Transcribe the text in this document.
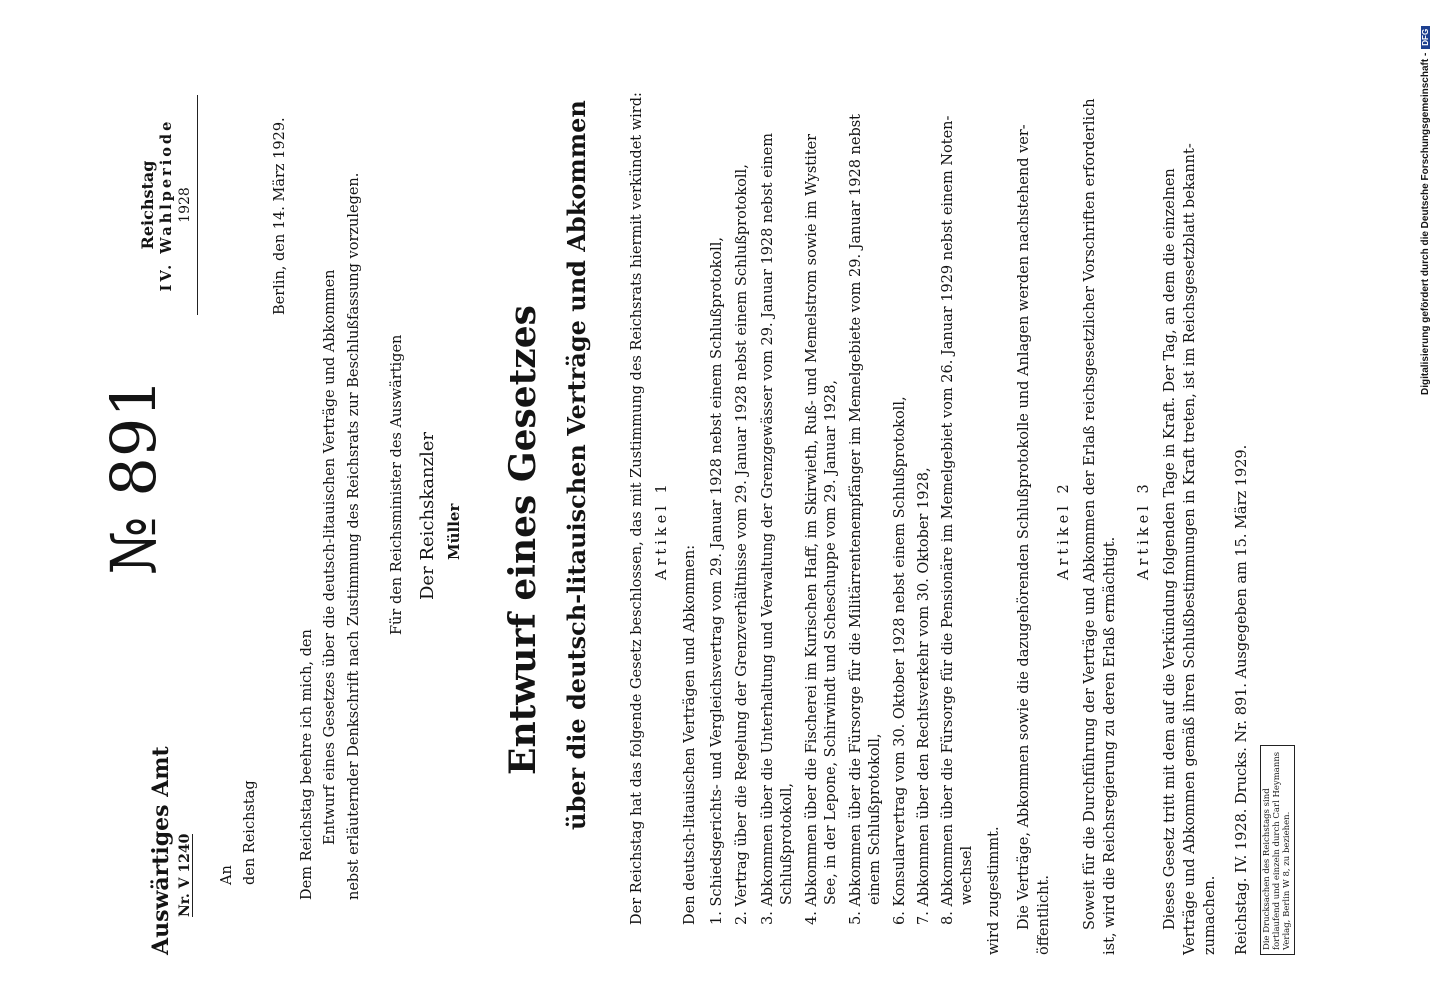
Auswärtiges Amt Nr. V 1240
№ 891
Reichstag IV. Wahlperiode 1928
An den Reichstag
Berlin, den 14. März 1929.
Dem Reichstag beehre ich mich, den Entwurf eines Gesetzes über die deutsch-litauischen Verträge und Abkommen nebst erläuternder Denkschrift nach Zustimmung des Reichsrats zur Beschlußfassung vorzulegen. Für den Reichsminister des Auswärtigen Der Reichskanzler Müller Entwurf eines Gesetzes über die deutsch-litauischen Verträge und Abkommen	Der Reichstag hat das folgende Gesetz beschlossen, das mit Zustimmung des Reichsrats hiermit verkündet wird: Artikel 1
Den deutsch-litauischen Verträgen und Abkommen: 1. Schiedsgerichts- und Vergleichsvertrag vom 29. Januar 1928 nebst einem Schlußprotokoll, 2. Vertrag über die Regelung der Grenzverhältnisse vom 29. Januar 1928 nebst einem Schlußprotokoll, 3. Abkommen über die Unterhaltung und Verwaltung der Grenzgewässer vom 29. Januar 1928 nebst einem Schlußprotokoll, 4. Abkommen über die Fischerei im Kurischen Haff, im Skirwieth, Ruß- und Memelstrom sowie im Wystiter See, in der Lepone, Schirwindt und Scheschuppe vom 29. Januar 1928, 5. Abkommen über die Fürsorge für die Militärrentenempfänger im Memelgebiete vom 29. Januar 1928 nebst einem Schlußprotokoll, 6. Konsularvertrag vom 30. Oktober 1928 nebst einem Schlußprotokoll, 7. Abkommen über den Rechtsverkehr vom 30. Oktober 1928, 8. Abkommen über die Fürsorge für die Pensionäre im Memelgebiet vom 26. Januar 1929 nebst einem Noten- wechsel wird zugestimmt. Die Verträge, Abkommen sowie die dazugehörenden Schlußprotokolle und Anlagen werden nachstehend ver- öffentlicht.
Artikel 2 Soweit für die Durchführung der Verträge und Abkommen der Erlaß reichsgesetzlicher Vorschriften erforderlich ist, wird die Reichsregierung zu deren Erlaß ermächtigt.
Artikel 3 Dieses Gesetz tritt mit dem auf die Verkündung folgenden Tage in Kraft. Der Tag, an dem die einzelnen Verträge und Abkommen gemäß ihren Schlußbestimmungen in Kraft treten, ist im Reichsgesetzblatt bekannt- zumachen. Reichstag. IV. 1928. Drucks. Nr. 891. Ausgegeben am 15. März 1929. Die Drucksachen des Reichstags sind fortlaufend und einzeln durch Carl Heymanns Verlag, Berlin W 8, zu beziehen.
Digitalisierung gefördert durch die Deutsche Forschungsgemeinschaft -DFG
